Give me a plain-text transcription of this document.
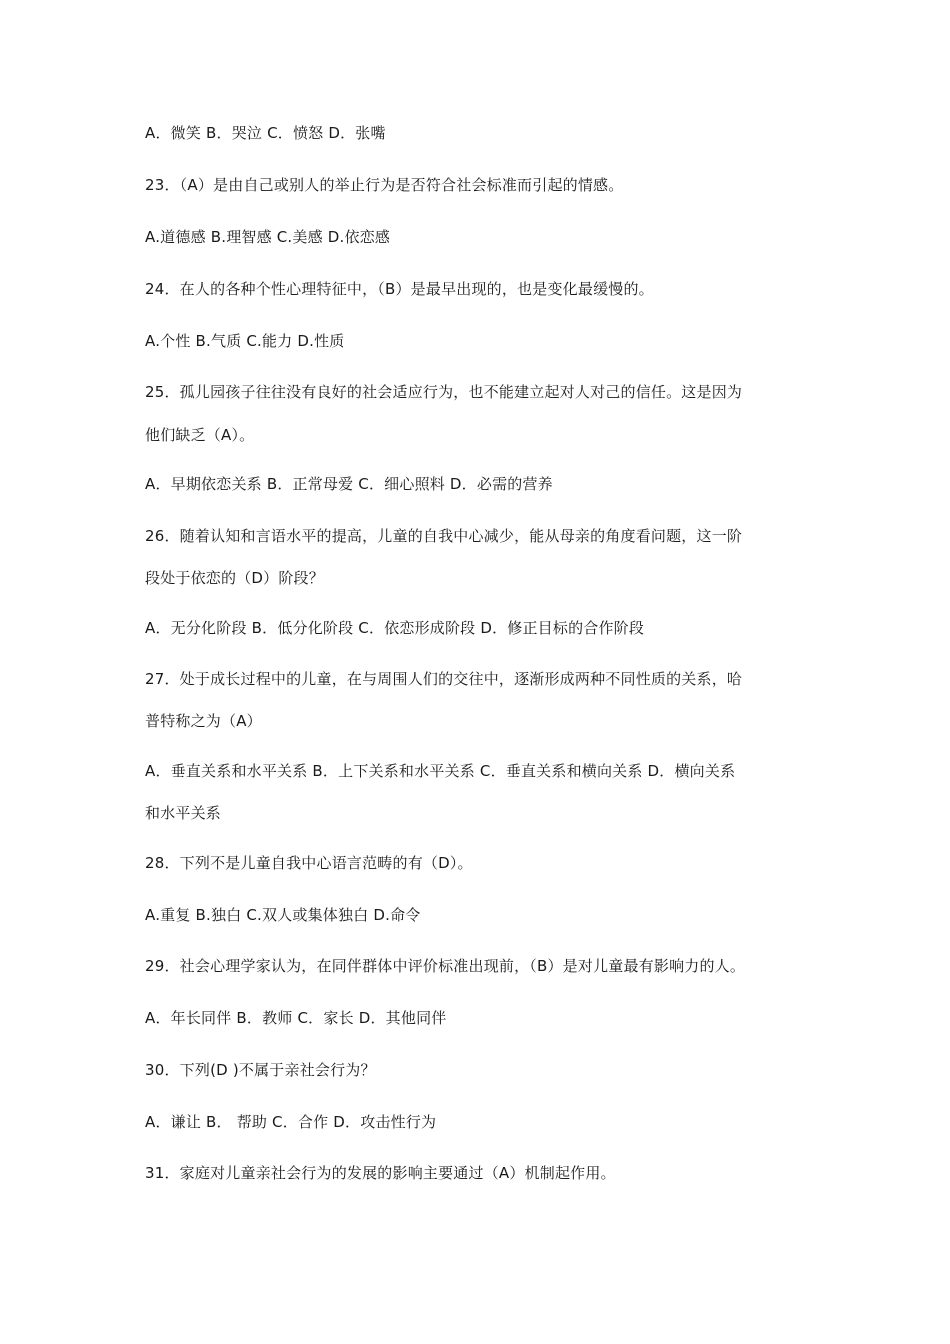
A．微笑 B．哭泣 C．愤怒 D．张嘴
23．（A）是由自己或别人的举止行为是否符合社会标准而引起的情感。
A.道德感 B.理智感 C.美感 D.依恋感
24．在人的各种个性心理特征中，（B）是最早出现的，也是变化最缓慢的。
A.个性 B.气质 C.能力 D.性质
25．孤儿园孩子往往没有良好的社会适应行为，也不能建立起对人对己的信任。这是因为
他们缺乏（A）。
A．早期依恋关系 B．正常母爱 C．细心照料 D．必需的营养
26．随着认知和言语水平的提高，儿童的自我中心减少，能从母亲的角度看问题，这一阶
段处于依恋的（D）阶段？
A．无分化阶段 B．低分化阶段 C．依恋形成阶段 D．修正目标的合作阶段
27．处于成长过程中的儿童，在与周围人们的交往中，逐渐形成两种不同性质的关系，哈
普特称之为（A）
A．垂直关系和水平关系 B．上下关系和水平关系 C．垂直关系和横向关系 D．横向关系
和水平关系
28．下列不是儿童自我中心语言范畴的有（D）。
A.重复 B.独白 C.双人或集体独白 D.命令
29．社会心理学家认为，在同伴群体中评价标准出现前，（B）是对儿童最有影响力的人。
A．年长同伴 B．教师 C．家长 D．其他同伴
30．下列(D )不属于亲社会行为？
A．谦让 B． 帮助 C．合作 D．攻击性行为
31．家庭对儿童亲社会行为的发展的影响主要通过（A）机制起作用。
